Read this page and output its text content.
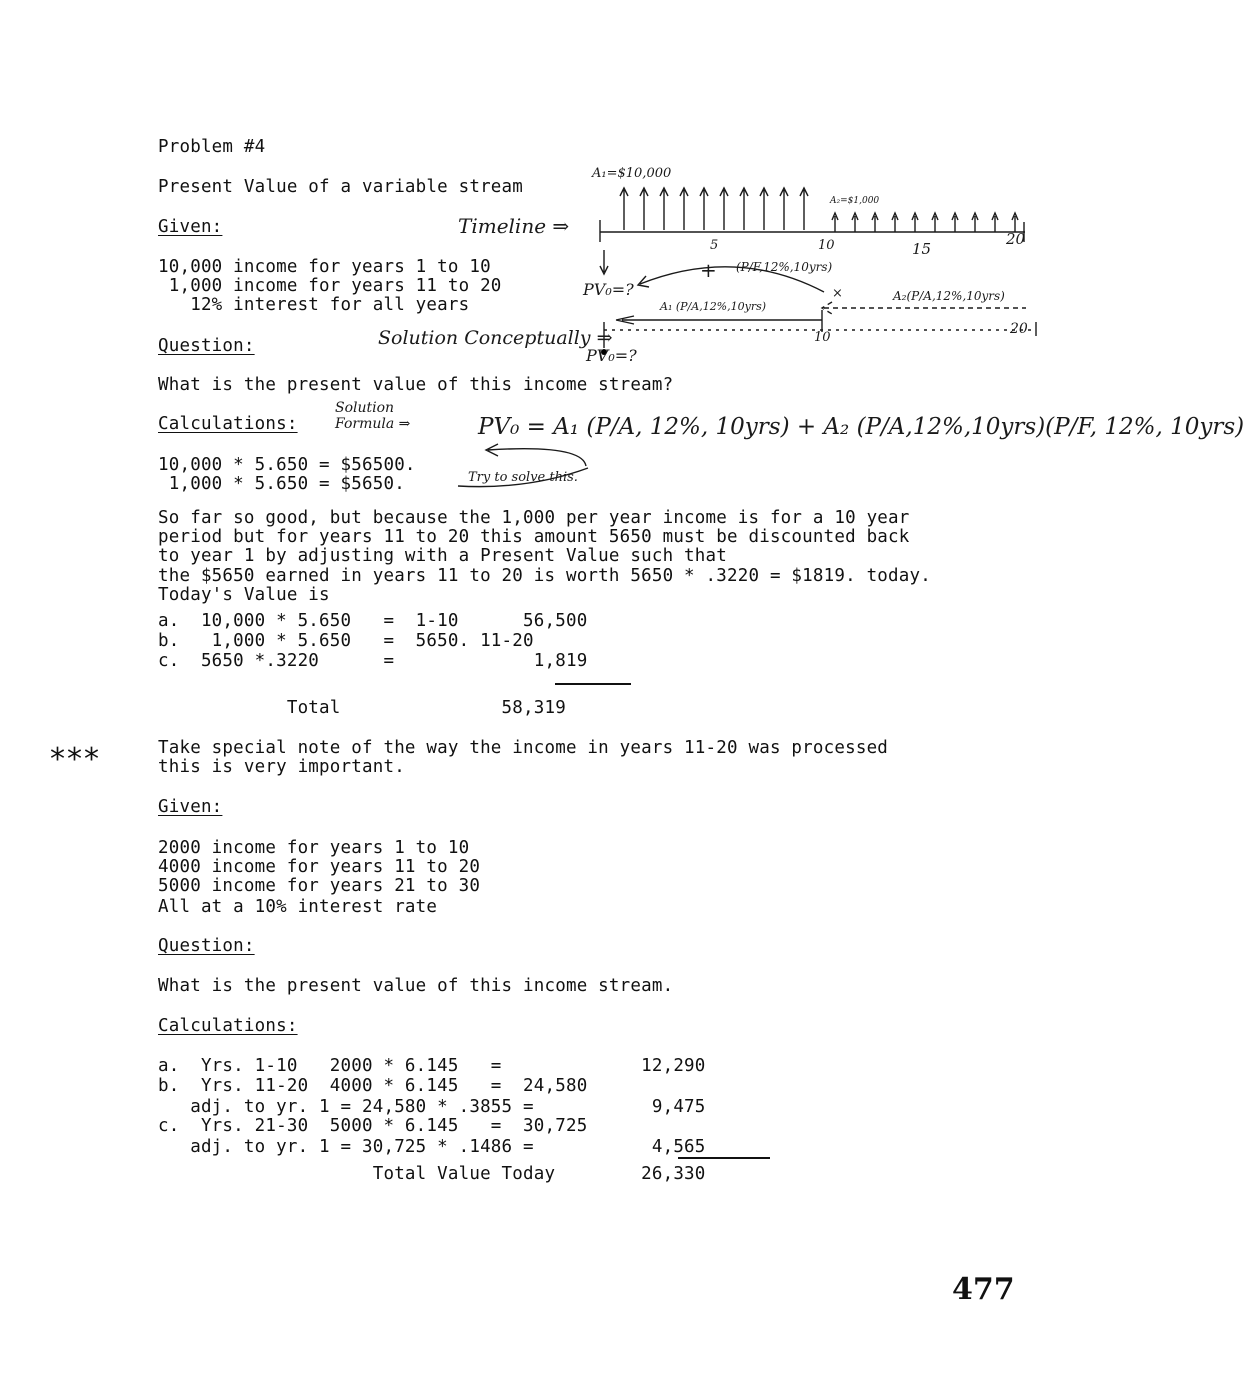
Problem #4
Present Value of a variable stream
Given:
10,000 income for years 1 to 10
1,000 income for years 11 to 20
12% interest for all years
Question:
What is the present value of this income stream?
Calculations:
10,000 * 5.650 = $56500.
1,000 * 5.650 = $5650.
So far so good, but because the 1,000 per year income is for a 10 year
period but for years 11 to 20 this amount 5650 must be discounted back
to year 1 by adjusting with a Present Value such that
the $5650 earned in years 11 to 20 is worth 5650 * .3220 = $1819. today.
Today's Value is
a.  10,000 * 5.650   =  1-10      56,500
b.   1,000 * 5.650   =  5650. 11-20
c.  5650 *.3220      =             1,819
Total               58,319
***	Take special note of the way the income in years 11-20 was processed
this is very important.
Given:
2000 income for years 1 to 10
4000 income for years 11 to 20
5000 income for years 21 to 30
All at a 10% interest rate
Question:
What is the present value of this income stream.
Calculations:
a.  Yrs. 1-10   2000 * 6.145   =             12,290
b.  Yrs. 11-20  4000 * 6.145   =  24,580
adj. to yr. 1 = 24,580 * .3855 =           9,475
c.  Yrs. 21-30  5000 * 6.145   =  30,725
adj. to yr. 1 = 30,725 * .1486 =           4,565
Total Value Today        26,330
477
A₁=$10,000
A₂=$1,000
Timeline ⇒
5	10	15
20
PV₀=?
+ (P/F,12%,10yrs)
×
A₁ (P/A,12%,10yrs)
A₂(P/A,12%,10yrs)
Solution Conceptually ⇒	10
20
PV₀=?
Solution
Formula ⇒	PV₀ = A₁ (P/A, 12%, 10yrs) + A₂ (P/A,12%,10yrs)(P/F, 12%, 10yrs)
Try to solve this.
